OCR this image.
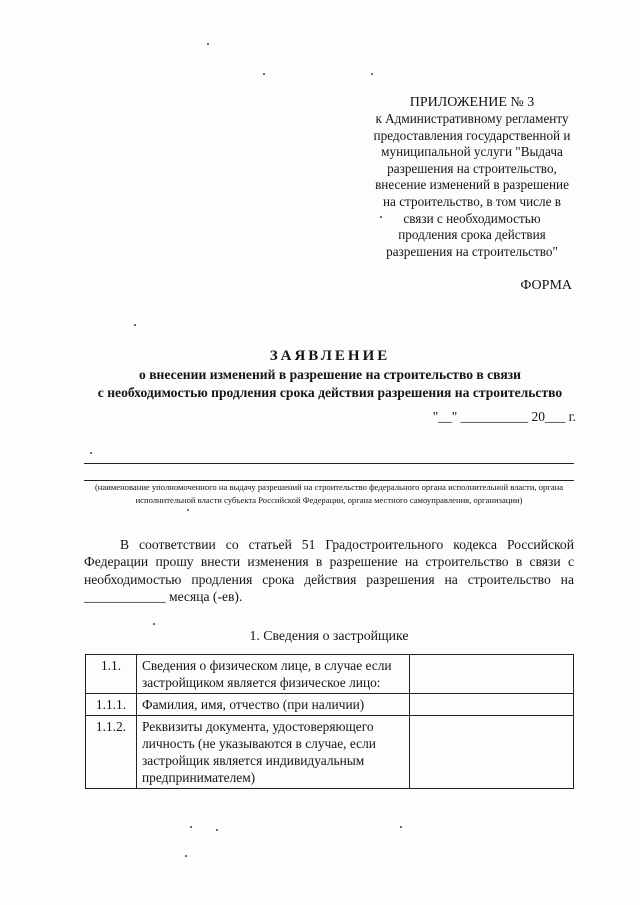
ПРИЛОЖЕНИЕ № 3
к Административному регламенту
предоставления государственной и
муниципальной услуги "Выдача
разрешения на строительство,
внесение изменений в разрешение
на строительство, в том числе в
связи с необходимостью
продления срока действия
разрешения на строительство"
ФОРМА
ЗАЯВЛЕНИЕ
о внесении изменений в разрешение на строительство в связи
с необходимостью продления срока действия разрешения на строительство
"__" __________ 20___ г.
(наименование уполномоченного на выдачу разрешений на строительство федерального органа исполнительной власти, органа исполнительной власти субъекта Российской Федерации, органа местного самоуправления, организации)

В соответствии со статьей 51 Градостроительного кодекса Российской Федерации прошу внести изменения в разрешение на строительство в связи с необходимостью продления срока действия разрешения на строительство на ____________ месяца (-ев).

1. Сведения о застройщике
1.1.	Сведения о физическом лице, в случае если застройщиком является физическое лицо:	
1.1.1.	Фамилия, имя, отчество (при наличии)	
1.1.2.	Реквизиты документа, удостоверяющего личность (не указываются в случае, если застройщик является индивидуальным предпринимателем)	
